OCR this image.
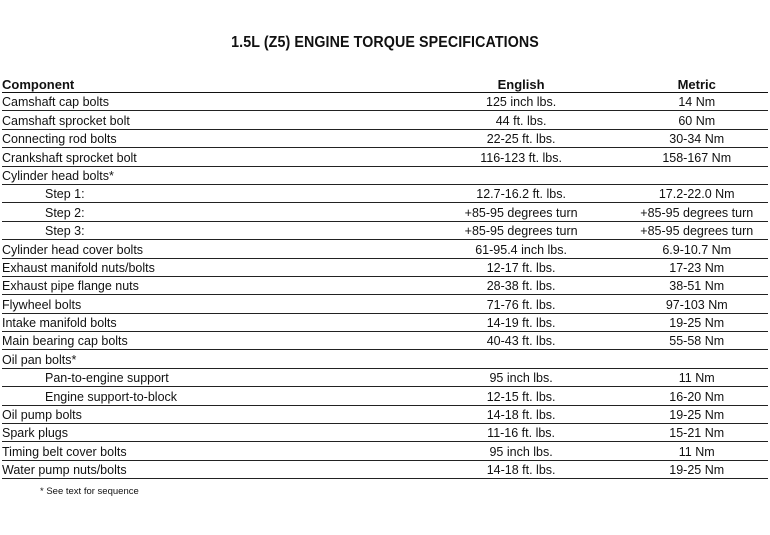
1.5L (Z5) ENGINE TORQUE SPECIFICATIONS
Component	English	Metric
Camshaft cap bolts	125 inch lbs.	14 Nm
Camshaft sprocket bolt	44 ft. lbs.	60 Nm
Connecting rod bolts	22-25 ft. lbs.	30-34 Nm
Crankshaft sprocket bolt	116-123 ft. lbs.	158-167 Nm
Cylinder head bolts*		
Step 1:	12.7-16.2 ft. lbs.	17.2-22.0 Nm
Step 2:	+85-95 degrees turn	+85-95 degrees turn
Step 3:	+85-95 degrees turn	+85-95 degrees turn
Cylinder head cover bolts	61-95.4 inch lbs.	6.9-10.7 Nm
Exhaust manifold nuts/bolts	12-17 ft. lbs.	17-23 Nm
Exhaust pipe flange nuts	28-38 ft. lbs.	38-51 Nm
Flywheel bolts	71-76 ft. lbs.	97-103 Nm
Intake manifold bolts	14-19 ft. lbs.	19-25 Nm
Main bearing cap bolts	40-43 ft. lbs.	55-58 Nm
Oil pan bolts*		
Pan-to-engine support	95 inch lbs.	11 Nm
Engine support-to-block	12-15 ft. lbs.	16-20 Nm
Oil pump bolts	14-18 ft. lbs.	19-25 Nm
Spark plugs	11-16 ft. lbs.	15-21 Nm
Timing belt cover bolts	95 inch lbs.	11 Nm
Water pump nuts/bolts	14-18 ft. lbs.	19-25 Nm
* See text for sequence
